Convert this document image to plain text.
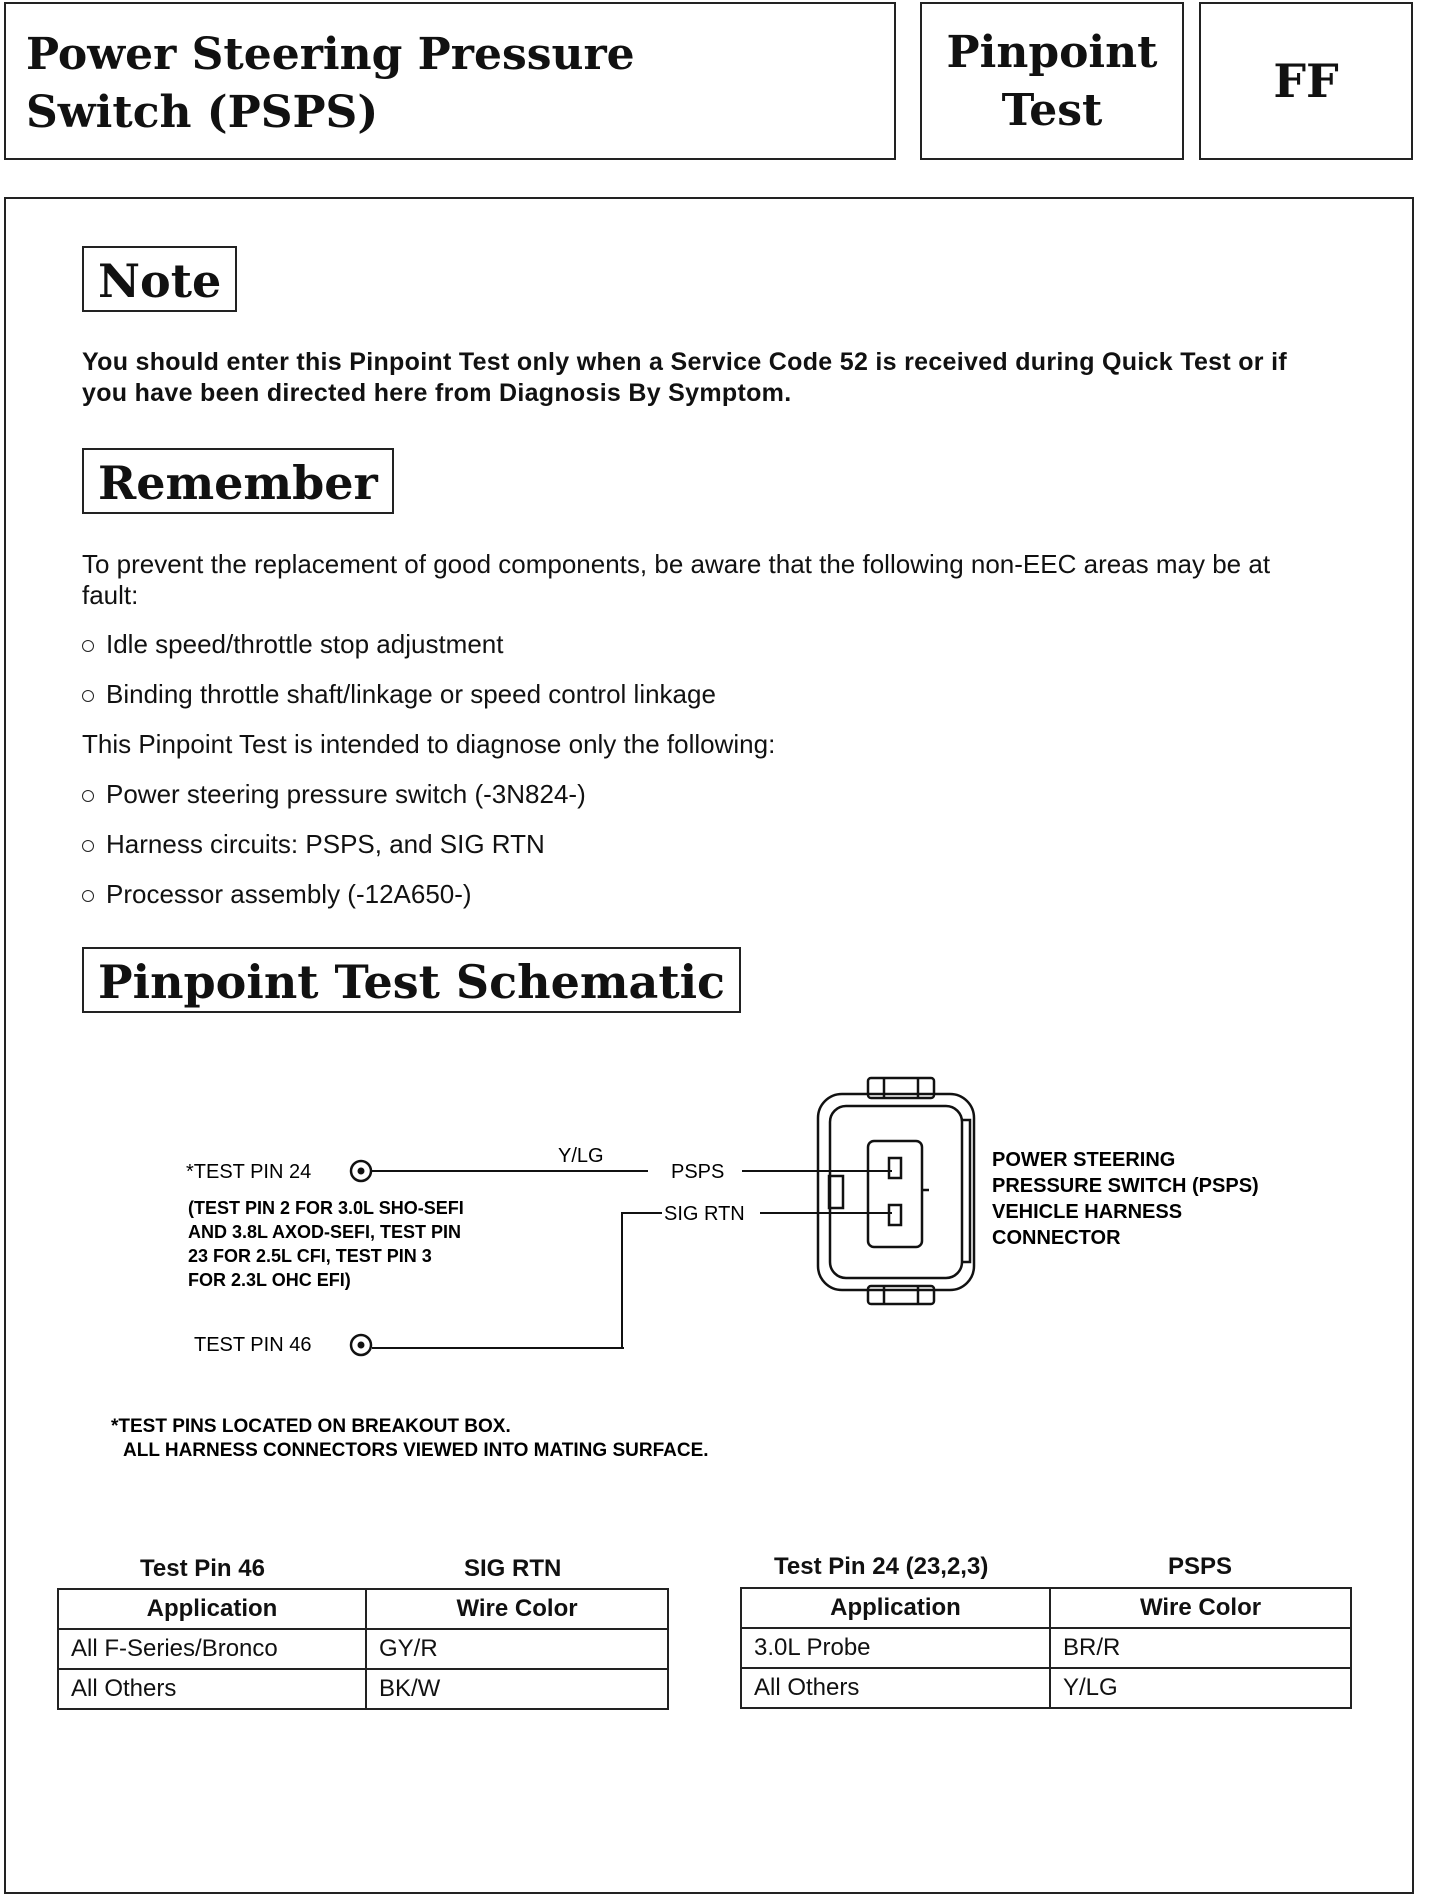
Power Steering Pressure
Switch (PSPS)
Pinpoint
Test
FF
Note
You should enter this Pinpoint Test only when a Service Code 52 is received during Quick Test or if you have been directed here from Diagnosis By Symptom.
Remember
To prevent the replacement of good components, be aware that the following non-EEC areas may be at fault:
Idle speed/throttle stop adjustment
Binding throttle shaft/linkage or speed control linkage
This Pinpoint Test is intended to diagnose only the following:
Power steering pressure switch (-3N824-)
Harness circuits: PSPS, and SIG RTN
Processor assembly (-12A650-)
Pinpoint Test Schematic
*TEST PIN 24
Y/LG
PSPS
(TEST PIN 2 FOR 3.0L SHO-SEFI
AND 3.8L AXOD-SEFI, TEST PIN
23 FOR 2.5L CFI, TEST PIN 3
FOR 2.3L OHC EFI)
SIG RTN
TEST PIN 46
POWER STEERING
PRESSURE SWITCH (PSPS)
VEHICLE HARNESS
CONNECTOR
*TEST PINS LOCATED ON BREAKOUT BOX.
ALL HARNESS CONNECTORS VIEWED INTO MATING SURFACE.
Test Pin 46	SIG RTN
Application	Wire Color
All F-Series/Bronco	GY/R
All Others	BK/W
Test Pin 24 (23,2,3)	PSPS
Application	Wire Color
3.0L Probe	BR/R
All Others	Y/LG
